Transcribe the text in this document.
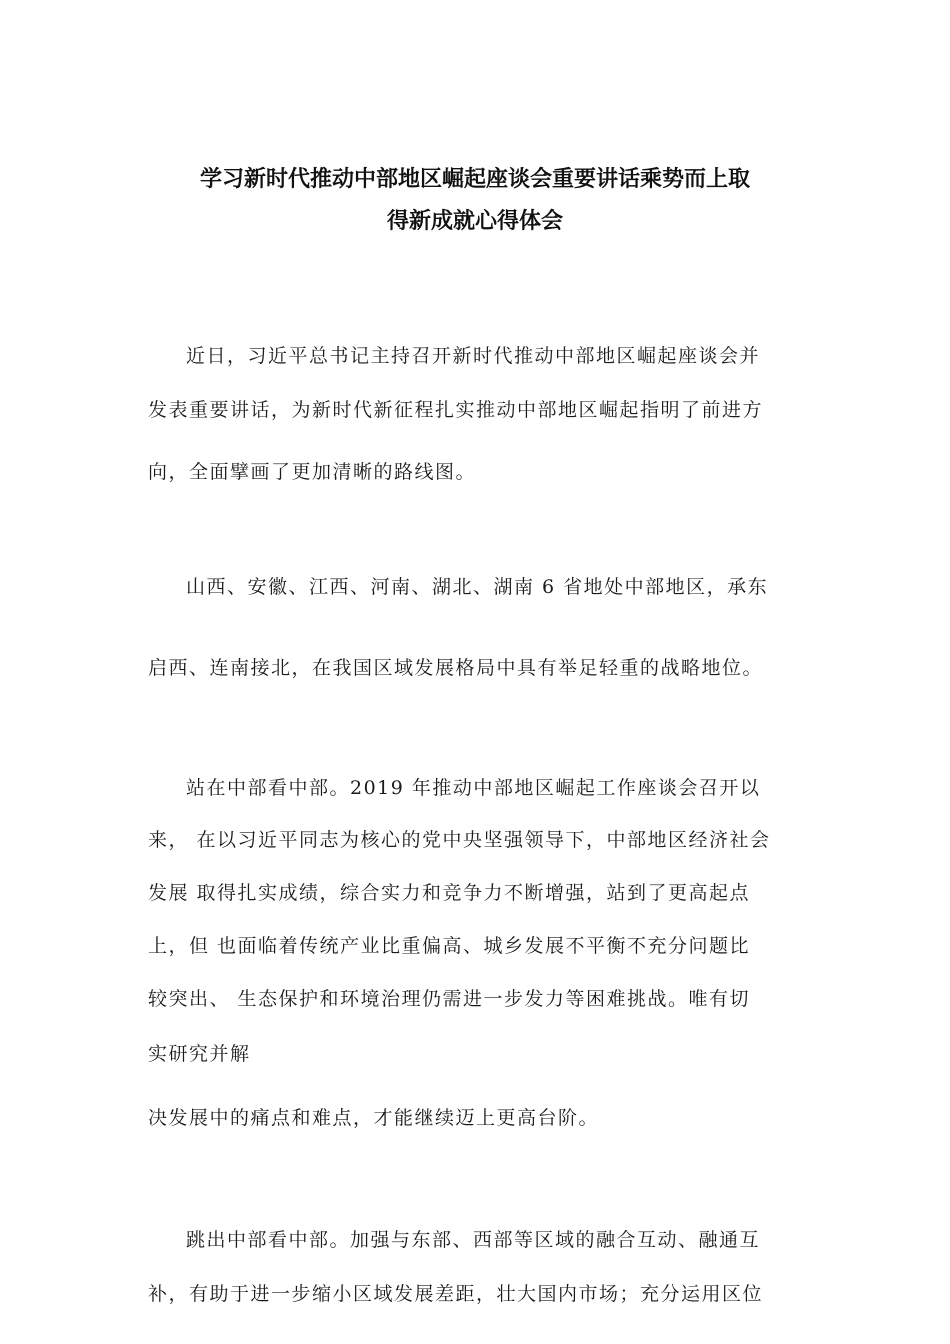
学习新时代推动中部地区崛起座谈会重要讲话乘势而上取
得新成就心得体会
近日，习近平总书记主持召开新时代推动中部地区崛起座谈会并
发表重要讲话，为新时代新征程扎实推动中部地区崛起指明了前进方
向，全面擘画了更加清晰的路线图。
山西、安徽、江西、河南、湖北、湖南 6 省地处中部地区，承东
启西、连南接北，在我国区域发展格局中具有举足轻重的战略地位。
站在中部看中部。2019 年推动中部地区崛起工作座谈会召开以
来， 在以习近平同志为核心的党中央坚强领导下，中部地区经济社会
发展 取得扎实成绩，综合实力和竞争力不断增强，站到了更高起点
上，但 也面临着传统产业比重偏高、城乡发展不平衡不充分问题比
较突出、 生态保护和环境治理仍需进一步发力等困难挑战。唯有切
实研究并解
决发展中的痛点和难点，才能继续迈上更高台阶。
跳出中部看中部。加强与东部、西部等区域的融合互动、融通互
补，有助于进一步缩小区域发展差距，壮大国内市场；充分运用区位
